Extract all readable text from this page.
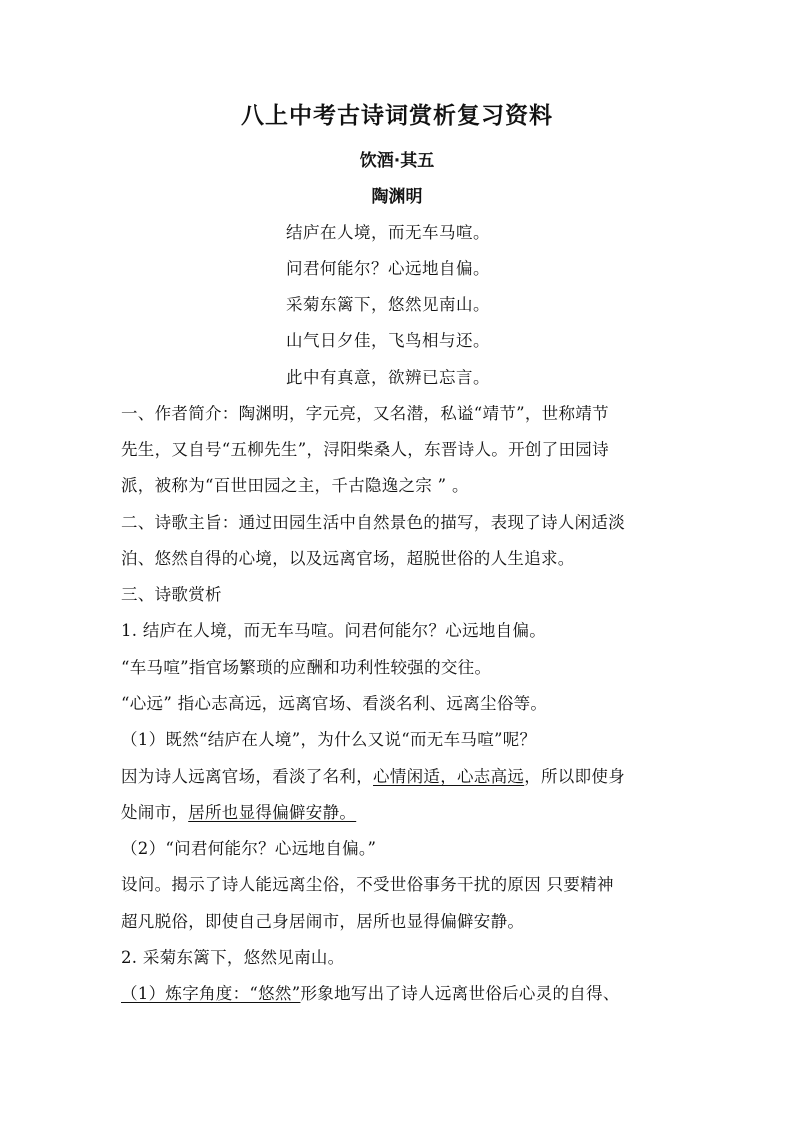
八上中考古诗词赏析复习资料
饮酒·其五
陶渊明
结庐在人境，而无车马喧。
问君何能尔？心远地自偏。
采菊东篱下，悠然见南山。
山气日夕佳，飞鸟相与还。
此中有真意，欲辨已忘言。
一、作者简介：陶渊明，字元亮，又名潜，私谥“靖节”，世称靖节
先生，又自号“五柳先生”，浔阳柴桑人，东晋诗人。开创了田园诗
派，被称为“百世田园之主，千古隐逸之宗 ” 。
二、诗歌主旨：通过田园生活中自然景色的描写，表现了诗人闲适淡
泊、悠然自得的心境，以及远离官场，超脱世俗的人生追求。
三、诗歌赏析
1. 结庐在人境，而无车马喧。问君何能尔？心远地自偏。
“车马喧”指官场繁琐的应酬和功利性较强的交往。
“心远” 指心志高远，远离官场、看淡名利、远离尘俗等。
（1）既然“结庐在人境”，为什么又说“而无车马喧”呢？
因为诗人远离官场，看淡了名利，心情闲适，心志高远，所以即使身
处闹市，居所也显得偏僻安静。
（2）“问君何能尔？心远地自偏。”
设问。揭示了诗人能远离尘俗，不受世俗事务干扰的原因 只要精神
超凡脱俗，即使自己身居闹市，居所也显得偏僻安静。
2. 采菊东篱下，悠然见南山。
（1）炼字角度：“悠然”形象地写出了诗人远离世俗后心灵的自得、
